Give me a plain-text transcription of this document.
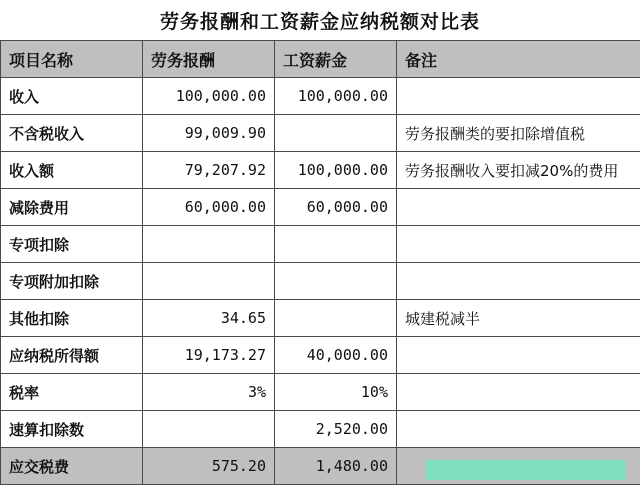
劳务报酬和工资薪金应纳税额对比表
项目名称	劳务报酬	工资薪金	备注
收入	100,000.00	100,000.00	
不含税收入	99,009.90		劳务报酬类的要扣除增值税
收入额	79,207.92	100,000.00	劳务报酬收入要扣减20%的费用
减除费用	60,000.00	60,000.00	
专项扣除			
专项附加扣除			
其他扣除	34.65		城建税减半
应纳税所得额	19,173.27	40,000.00	
税率	3%	10%	
速算扣除数		2,520.00	
应交税费	575.20	1,480.00	
